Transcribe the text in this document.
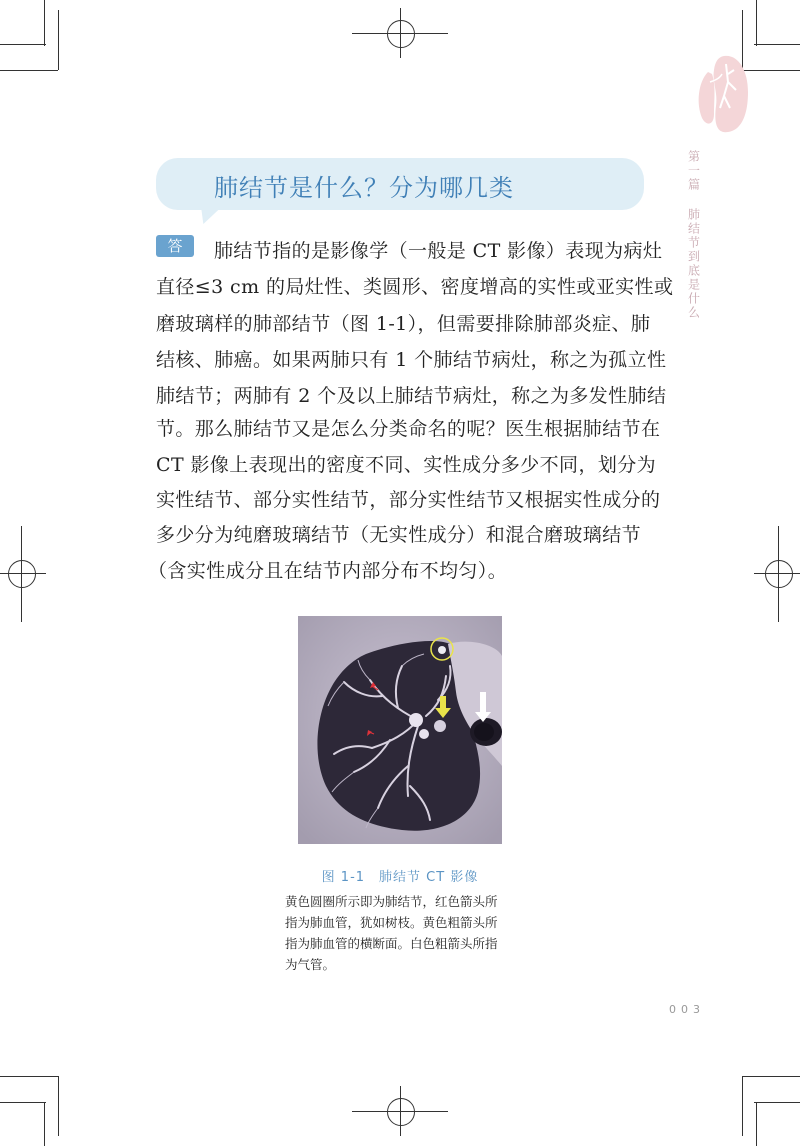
第一篇
肺结节到底是什么
肺结节是什么？分为哪几类
答	肺结节指的是影像学（一般是 CT 影像）表现为病灶
直径≤3 cm 的局灶性、类圆形、密度增高的实性或亚实性或
磨玻璃样的肺部结节（图 1-1），但需要排除肺部炎症、肺
结核、肺癌。如果两肺只有 1 个肺结节病灶，称之为孤立性
肺结节；两肺有 2 个及以上肺结节病灶，称之为多发性肺结
节。那么肺结节又是怎么分类命名的呢？医生根据肺结节在
CT 影像上表现出的密度不同、实性成分多少不同，划分为
实性结节、部分实性结节，部分实性结节又根据实性成分的
多少分为纯磨玻璃结节（无实性成分）和混合磨玻璃结节
（含实性成分且在结节内部分布不均匀）。
图 1-1　肺结节 CT 影像
黄色圆圈所示即为肺结节，红色箭头所
指为肺血管，犹如树枝。黄色粗箭头所
指为肺血管的横断面。白色粗箭头所指
为气管。
003
